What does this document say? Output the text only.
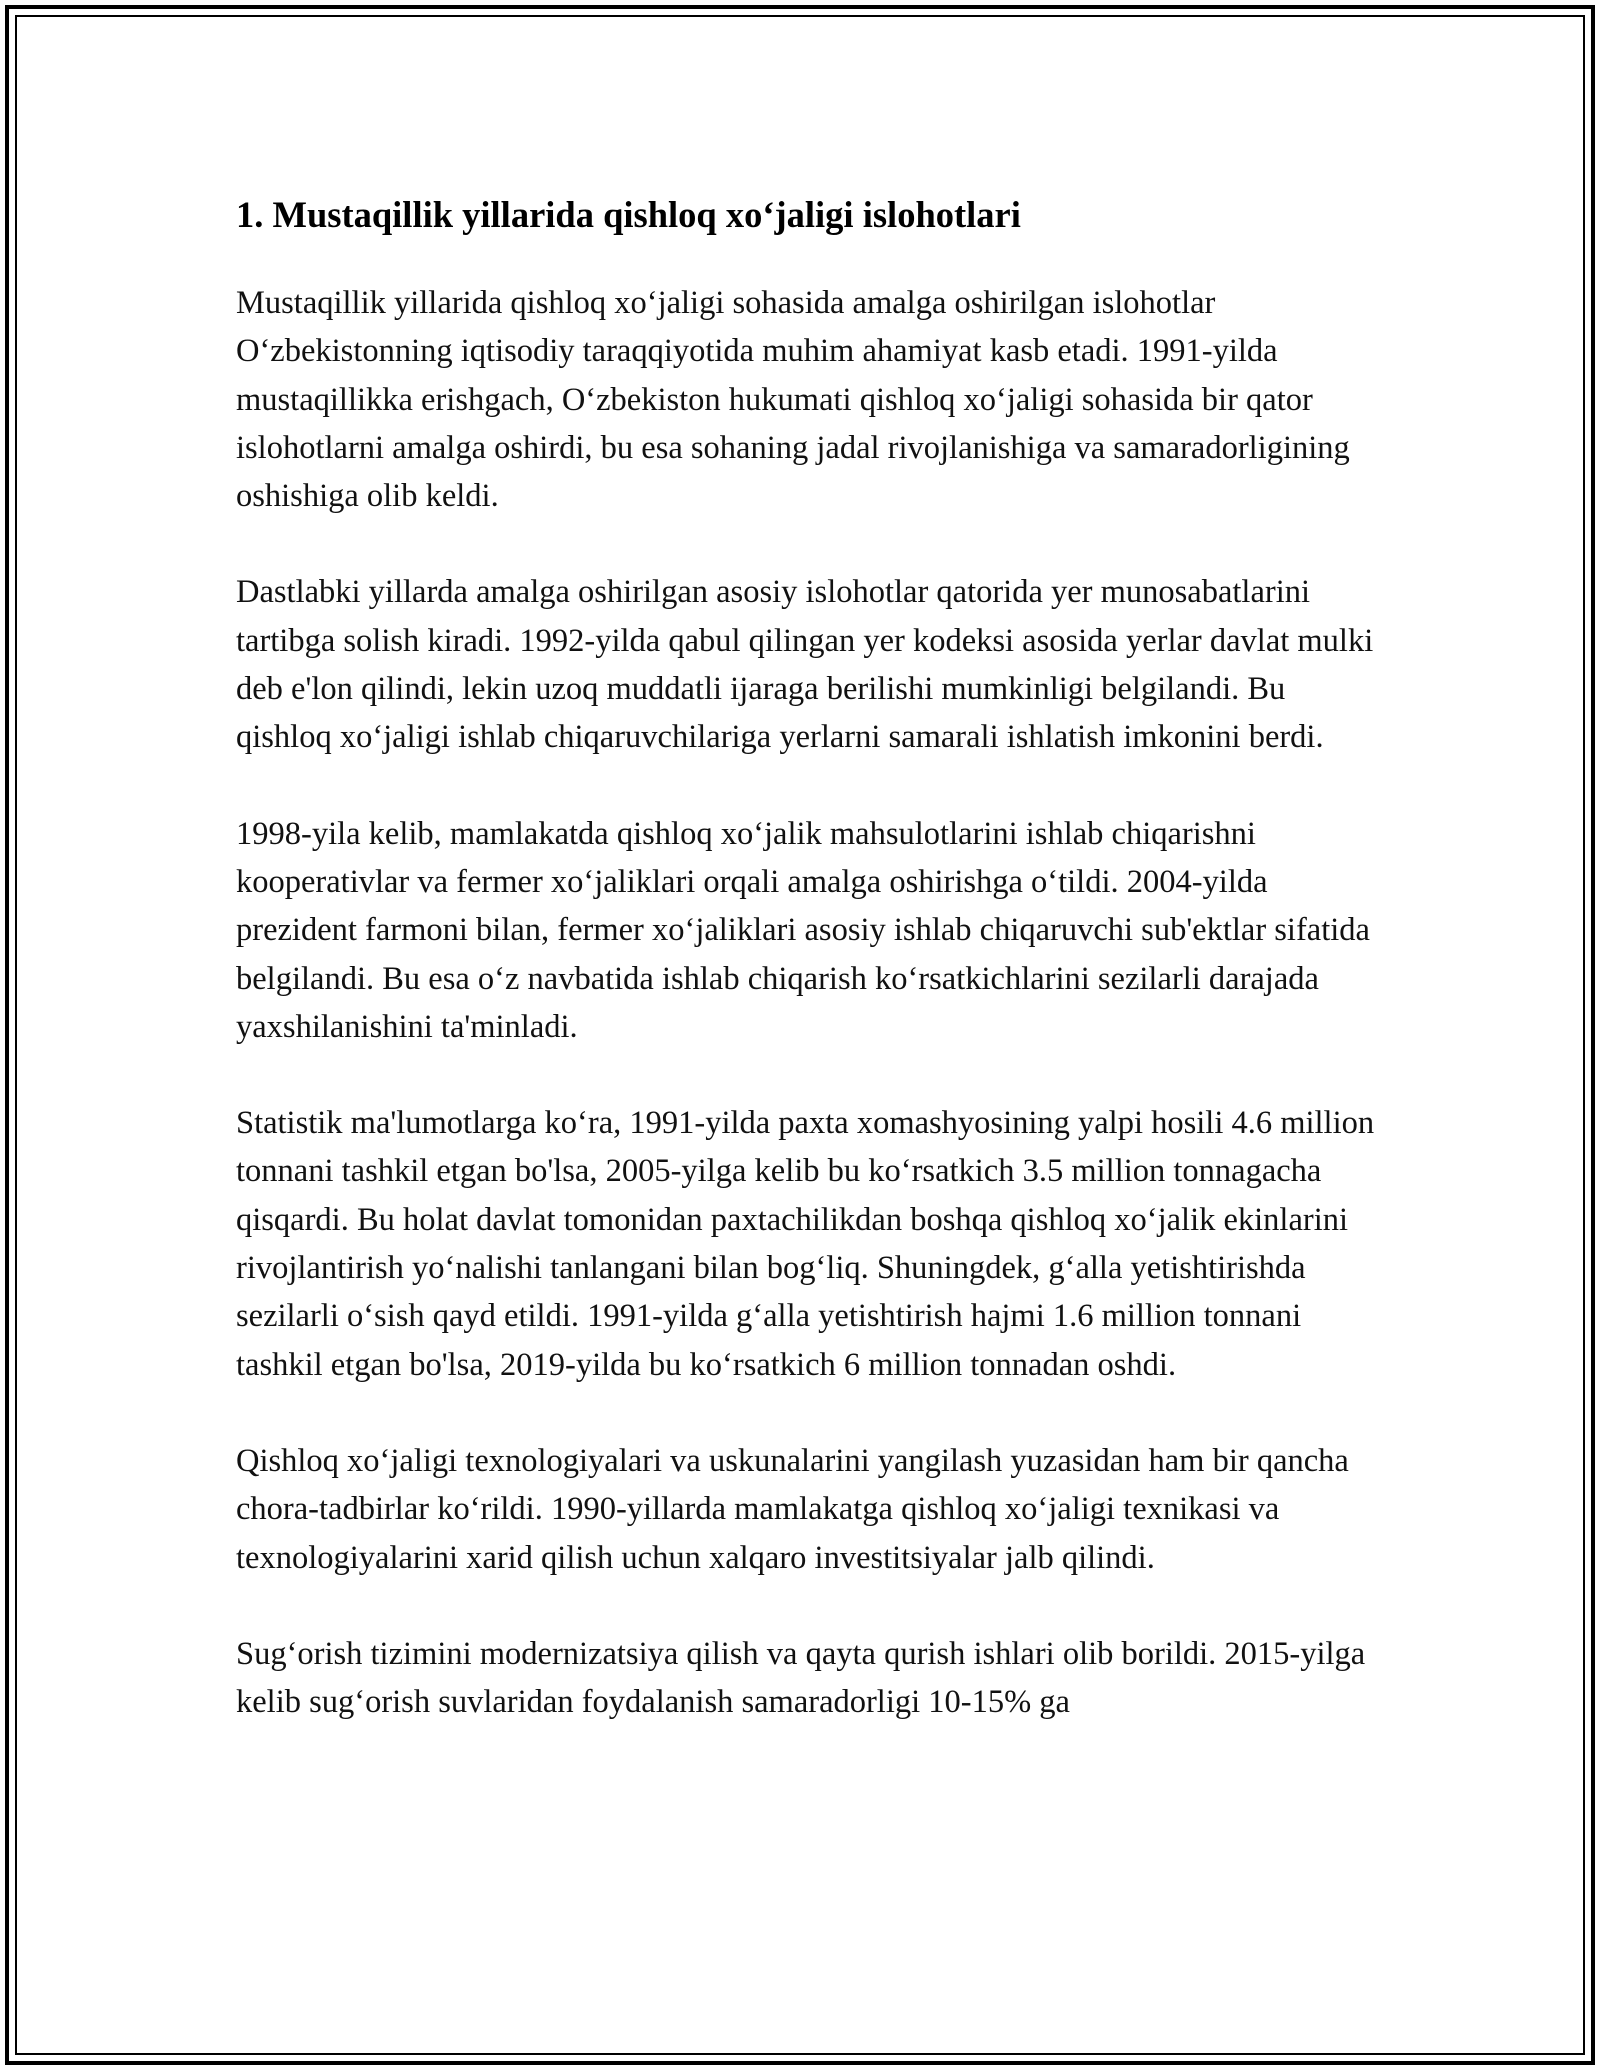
1. Mustaqillik yillarida qishloq xo‘jaligi islohotlari

Mustaqillik yillarida qishloq xo‘jaligi sohasida amalga oshirilgan islohotlar O‘zbekistonning iqtisodiy taraqqiyotida muhim ahamiyat kasb etadi. 1991-yilda mustaqillikka erishgach, O‘zbekiston hukumati qishloq xo‘jaligi sohasida bir qator islohotlarni amalga oshirdi, bu esa sohaning jadal rivojlanishiga va samaradorligining oshishiga olib keldi.

Dastlabki yillarda amalga oshirilgan asosiy islohotlar qatorida yer munosabatlarini tartibga solish kiradi. 1992-yilda qabul qilingan yer kodeksi asosida yerlar davlat mulki deb e'lon qilindi, lekin uzoq muddatli ijaraga berilishi mumkinligi belgilandi. Bu qishloq xo‘jaligi ishlab chiqaruvchilariga yerlarni samarali ishlatish imkonini berdi.

1998-yila kelib, mamlakatda qishloq xo‘jalik mahsulotlarini ishlab chiqarishni kooperativlar va fermer xo‘jaliklari orqali amalga oshirishga o‘tildi. 2004-yilda prezident farmoni bilan, fermer xo‘jaliklari asosiy ishlab chiqaruvchi sub'ektlar sifatida belgilandi. Bu esa o‘z navbatida ishlab chiqarish ko‘rsatkichlarini sezilarli darajada yaxshilanishini ta'minladi.

Statistik ma'lumotlarga ko‘ra, 1991-yilda paxta xomashyosining yalpi hosili 4.6 million tonnani tashkil etgan bo'lsa, 2005-yilga kelib bu ko‘rsatkich 3.5 million tonnagacha qisqardi. Bu holat davlat tomonidan paxtachilikdan boshqa qishloq xo‘jalik ekinlarini rivojlantirish yo‘nalishi tanlangani bilan bog‘liq. Shuningdek, g‘alla yetishtirishda sezilarli o‘sish qayd etildi. 1991-yilda g‘alla yetishtirish hajmi 1.6 million tonnani tashkil etgan bo'lsa, 2019-yilda bu ko‘rsatkich 6 million tonnadan oshdi.

Qishloq xo‘jaligi texnologiyalari va uskunalarini yangilash yuzasidan ham bir qancha chora-tadbirlar ko‘rildi. 1990-yillarda mamlakatga qishloq xo‘jaligi texnikasi va texnologiyalarini xarid qilish uchun xalqaro investitsiyalar jalb qilindi.

Sug‘orish tizimini modernizatsiya qilish va qayta qurish ishlari olib borildi. 2015-yilga kelib sug‘orish suvlaridan foydalanish samaradorligi 10-15% ga
